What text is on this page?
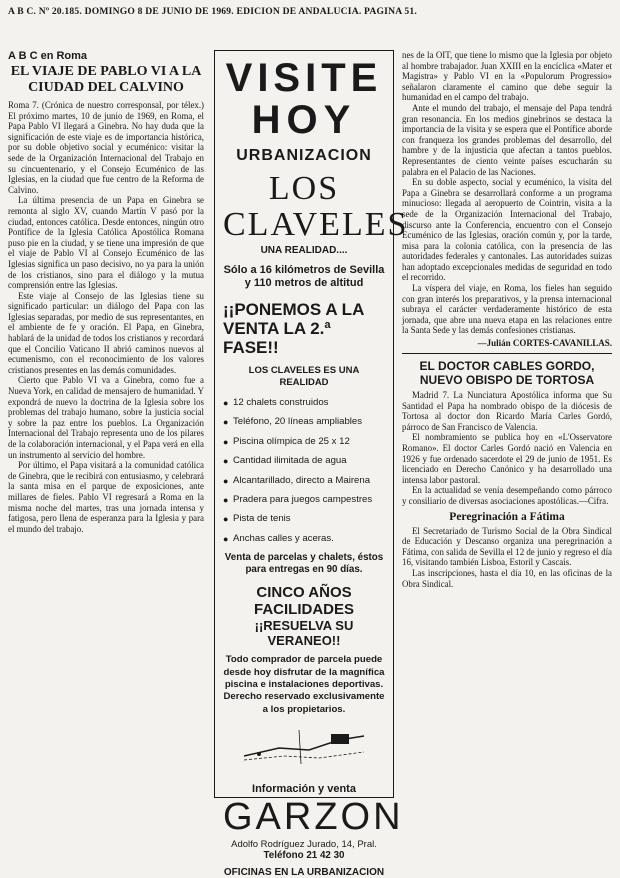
A B C. Nº 20.185. DOMINGO 8 DE JUNIO DE 1969. EDICION DE ANDALUCIA. PAGINA 51.
A B C en Roma
EL VIAJE DE PABLO VI A LA CIUDAD DEL CALVINO

Roma 7. (Crónica de nuestro corresponsal, por télex.) El próximo martes, 10 de junio de 1969, en Roma, el Papa Pablo VI llegará a Ginebra. No hay duda que la significación de este viaje es de importancia histórica, por su doble objetivo social y ecuménico: visitar la sede de la Organización Internacional del Trabajo en su cincuentenario, y el Consejo Ecuménico de las Iglesias, en la ciudad que fue centro de la Reforma de Calvino.

La última presencia de un Papa en Ginebra se remonta al siglo XV, cuando Martín V pasó por la ciudad, entonces católica. Desde entonces, ningún otro Pontífice de la Iglesia Católica Apostólica Romana puso pie en la ciudad, y se tiene una impresión de que el viaje de Pablo VI al Consejo Ecuménico de las Iglesias significa un paso decisivo, no ya para la unión de los cristianos, sino para el diálogo y la mutua comprensión entre las Iglesias.

Este viaje al Consejo de las Iglesias tiene su significado particular: un diálogo del Papa con las Iglesias separadas, por medio de sus representantes, en el ambiente de fe y oración. El Papa, en Ginebra, hablará de la unidad de todos los cristianos y recordará que el Concilio Vaticano II abrió caminos nuevos al ecumenismo, con el reconocimiento de los valores cristianos presentes en las demás comunidades.

Cierto que Pablo VI va a Ginebra, como fue a Nueva York, en calidad de mensajero de humanidad. Y expondrá de nuevo la doctrina de la Iglesia sobre los problemas del trabajo humano, sobre la justicia social y sobre la paz entre los pueblos. La Organización Internacional del Trabajo representa uno de los pilares de la colaboración internacional, y el Papa verá en ella un instrumento al servicio del hombre.

Por último, el Papa visitará a la comunidad católica de Ginebra, que le recibirá con entusiasmo, y celebrará la santa misa en el parque de exposiciones, ante millares de fieles. Pablo VI regresará a Roma en la misma noche del martes, tras una jornada intensa y fatigosa, pero llena de esperanza para la Iglesia y para el mundo del trabajo.

VISITE
HOY
URBANIZACION
LOS
CLAVELES
UNA REALIDAD....
Sólo a 16 kilómetros de Sevilla y 110 metros de altitud
¡¡PONEMOS A LA VENTA LA 2.ª FASE!!
LOS CLAVELES ES UNA REALIDAD
● 12 chalets construidos
● Teléfono, 20 líneas ampliables
● Piscina olímpica de 25 x 12
● Cantidad ilimitada de agua
● Alcantarillado, directo a Mairena
● Pradera para juegos campestres
● Pista de tenis
● Anchas calles y aceras.
Venta de parcelas y chalets, éstos para entregas en 90 días.
CINCO AÑOS FACILIDADES
¡¡RESUELVA SU VERANEO!!
Todo comprador de parcela puede desde hoy disfrutar de la magnífica piscina e instalaciones deportivas. Derecho reservado exclusivamente a los propietarios.
Información y venta
GARZON
Adolfo Rodríguez Jurado, 14, Pral.
Teléfono 21 42 30
OFICINAS EN LA URBANIZACION

nes de la OIT, que tiene lo mismo que la Iglesia por objeto al hombre trabajador. Juan XXIII en la encíclica «Mater et Magistra» y Pablo VI en la «Populorum Progressio» señalaron claramente el camino que debe seguir la humanidad en el campo del trabajo.

Ante el mundo del trabajo, el mensaje del Papa tendrá gran resonancia. En los medios ginebrinos se destaca la importancia de la visita y se espera que el Pontífice aborde con franqueza los grandes problemas del desarrollo, del hambre y de la injusticia que afectan a tantos pueblos. Representantes de ciento veinte países escucharán su palabra en el Palacio de las Naciones.

En su doble aspecto, social y ecuménico, la visita del Papa a Ginebra se desarrollará conforme a un programa minucioso: llegada al aeropuerto de Cointrin, visita a la sede de la Organización Internacional del Trabajo, discurso ante la Conferencia, encuentro con el Consejo Ecuménico de las Iglesias, oración común y, por la tarde, misa para la colonia católica, con la presencia de las autoridades federales y cantonales. Las autoridades suizas han adoptado excepcionales medidas de seguridad en todo el recorrido.

La víspera del viaje, en Roma, los fieles han seguido con gran interés los preparativos, y la prensa internacional subraya el carácter verdaderamente histórico de esta jornada, que abre una nueva etapa en las relaciones entre la Santa Sede y las demás confesiones cristianas.

—Julián CORTES-CAVANILLAS.
EL DOCTOR CABLES GORDO, NUEVO OBISPO DE TORTOSA

Madrid 7. La Nunciatura Apostólica informa que Su Santidad el Papa ha nombrado obispo de la diócesis de Tortosa al doctor don Ricardo María Carles Gordó, párroco de San Francisco de Valencia.

El nombramiento se publica hoy en «L'Osservatore Romano». El doctor Carles Gordó nació en Valencia en 1926 y fue ordenado sacerdote el 29 de junio de 1951. Es licenciado en Derecho Canónico y ha desarrollado una intensa labor pastoral.

En la actualidad se venía desempeñando como párroco y consiliario de diversas asociaciones apostólicas.—Cifra.

Peregrinación a Fátima

El Secretariado de Turismo Social de la Obra Sindical de Educación y Descanso organiza una peregrinación a Fátima, con salida de Sevilla el 12 de junio y regreso el día 16, visitando también Lisboa, Estoril y Cascais.

Las inscripciones, hasta el día 10, en las oficinas de la Obra Sindical.
